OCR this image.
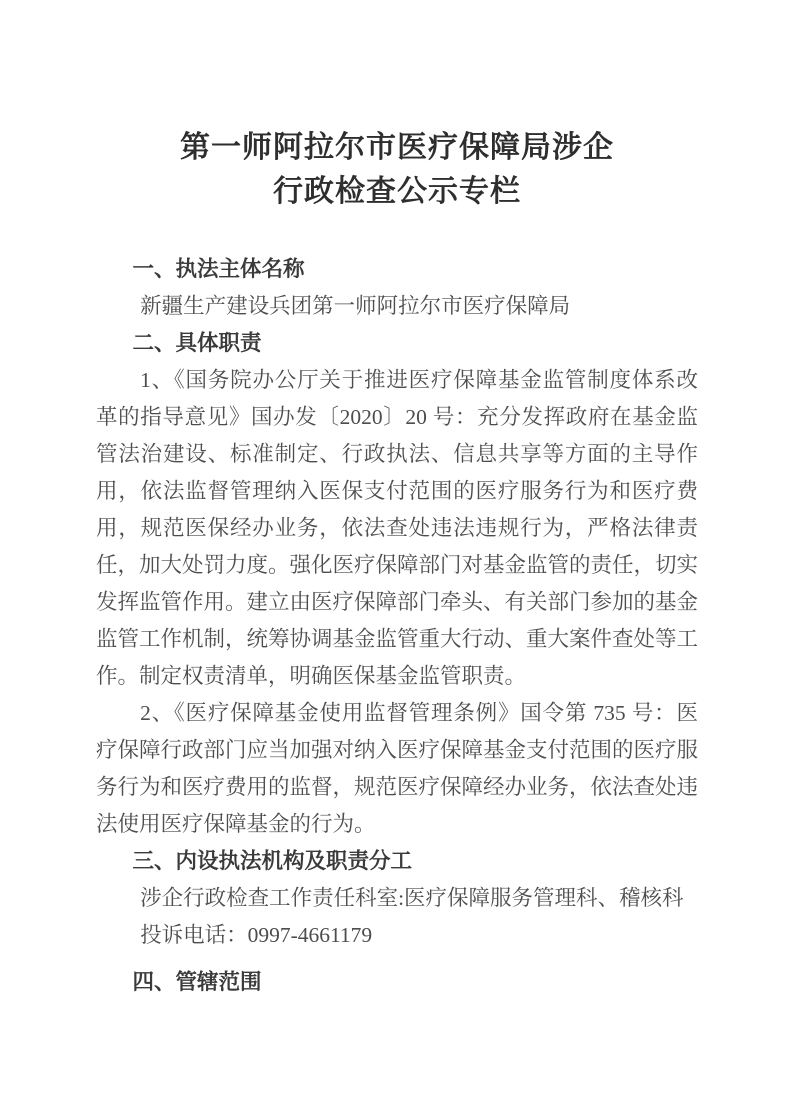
第一师阿拉尔市医疗保障局涉企
行政检查公示专栏
一、执法主体名称

新疆生产建设兵团第一师阿拉尔市医疗保障局

二、具体职责

1、《国务院办公厅关于推进医疗保障基金监管制度体系改革的指导意见》国办发〔2020〕20 号：充分发挥政府在基金监管法治建设、标准制定、行政执法、信息共享等方面的主导作用，依法监督管理纳入医保支付范围的医疗服务行为和医疗费用，规范医保经办业务，依法查处违法违规行为，严格法律责任，加大处罚力度。强化医疗保障部门对基金监管的责任，切实发挥监管作用。建立由医疗保障部门牵头、有关部门参加的基金监管工作机制，统筹协调基金监管重大行动、重大案件查处等工作。制定权责清单，明确医保基金监管职责。

2、《医疗保障基金使用监督管理条例》国令第 735 号：医疗保障行政部门应当加强对纳入医疗保障基金支付范围的医疗服务行为和医疗费用的监督，规范医疗保障经办业务，依法查处违法使用医疗保障基金的行为。

三、内设执法机构及职责分工

涉企行政检查工作责任科室:医疗保障服务管理科、稽核科

投诉电话：0997-4661179

四、管辖范围
